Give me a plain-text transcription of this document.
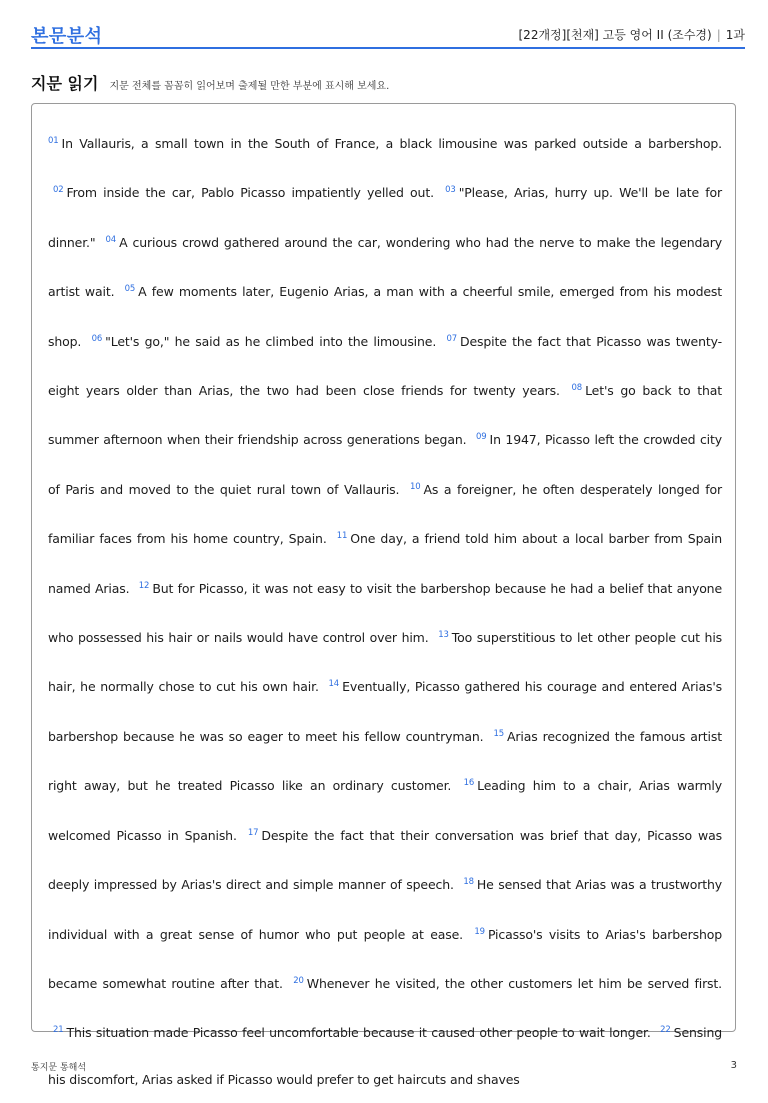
본문분석	[22개정][천재] 고등 영어 II (조수경) | 1과
지문 읽기 지문 전체를 꼼꼼히 읽어보며 출제될 만한 부분에 표시해 보세요.
$^{01}$ In Vallauris, a small town in the South of France, a black limousine was parked outside a barbershop. $^{02}$ From inside the car, Pablo Picasso impatiently yelled out. $^{03}$ "Please, Arias, hurry up. We'll be late for dinner." $^{04}$ A curious crowd gathered around the car, wondering who had the nerve to make the legendary artist wait. $^{05}$ A few moments later, Eugenio Arias, a man with a cheerful smile, emerged from his modest shop. $^{06}$ "Let's go," he said as he climbed into the limousine. $^{07}$ Despite the fact that Picasso was twenty-eight years older than Arias, the two had been close friends for twenty years. $^{08}$ Let's go back to that summer afternoon when their friendship across generations began. $^{09}$ In 1947, Picasso left the crowded city of Paris and moved to the quiet rural town of Vallauris. $^{10}$ As a foreigner, he often desperately longed for familiar faces from his home country, Spain. $^{11}$ One day, a friend told him about a local barber from Spain named Arias. $^{12}$ But for Picasso, it was not easy to visit the barbershop because he had a belief that anyone who possessed his hair or nails would have control over him. $^{13}$ Too superstitious to let other people cut his hair, he normally chose to cut his own hair. $^{14}$ Eventually, Picasso gathered his courage and entered Arias's barbershop because he was so eager to meet his fellow countryman. $^{15}$ Arias recognized the famous artist right away, but he treated Picasso like an ordinary customer. $^{16}$ Leading him to a chair, Arias warmly welcomed Picasso in Spanish. $^{17}$ Despite the fact that their conversation was brief that day, Picasso was deeply impressed by Arias's direct and simple manner of speech. $^{18}$ He sensed that Arias was a trustworthy individual with a great sense of humor who put people at ease. $^{19}$ Picasso's visits to Arias's barbershop became somewhat routine after that. $^{20}$ Whenever he visited, the other customers let him be served first. $^{21}$ This situation made Picasso feel uncomfortable because it caused other people to wait longer. $^{22}$ Sensing his discomfort, Arias asked if Picasso would prefer to get haircuts and shaves
통지문 통해석	3
